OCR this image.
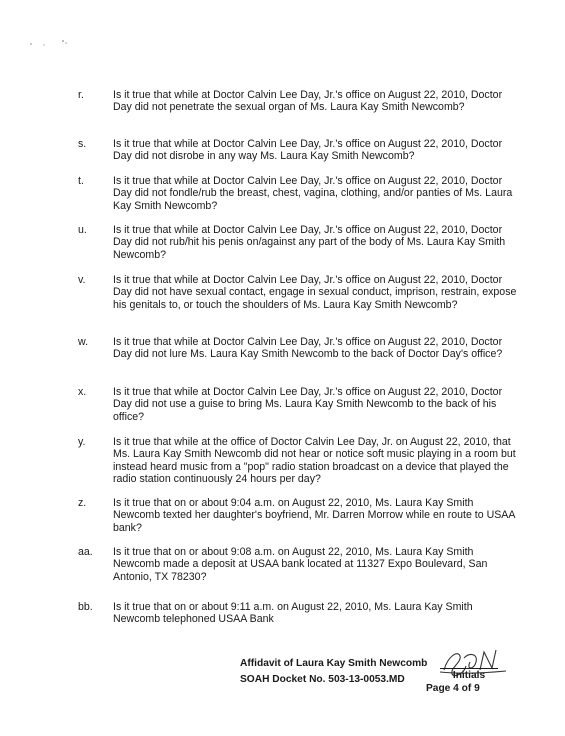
r.	Is it true that while at Doctor Calvin Lee Day, Jr.'s office on August 22, 2010, Doctor Day did not penetrate the sexual organ of Ms. Laura Kay Smith Newcomb?
s.	Is it true that while at Doctor Calvin Lee Day, Jr.'s office on August 22, 2010, Doctor Day did not disrobe in any way Ms. Laura Kay Smith Newcomb?
t.	Is it true that while at Doctor Calvin Lee Day, Jr.'s office on August 22, 2010, Doctor Day did not fondle/rub the breast, chest, vagina, clothing, and/or panties of Ms. Laura Kay Smith Newcomb?
u.	Is it true that while at Doctor Calvin Lee Day, Jr.'s office on August 22, 2010, Doctor Day did not rub/hit his penis on/against any part of the body of Ms. Laura Kay Smith Newcomb?
v.	Is it true that while at Doctor Calvin Lee Day, Jr.'s office on August 22, 2010, Doctor Day did not have sexual contact, engage in sexual conduct, imprison, restrain, expose his genitals to, or touch the shoulders of Ms. Laura Kay Smith Newcomb?
w.	Is it true that while at Doctor Calvin Lee Day, Jr.'s office on August 22, 2010, Doctor Day did not lure Ms. Laura Kay Smith Newcomb to the back of Doctor Day's office?
x.	Is it true that while at Doctor Calvin Lee Day, Jr.'s office on August 22, 2010, Doctor Day did not use a guise to bring Ms. Laura Kay Smith Newcomb to the back of his office?
y.	Is it true that while at the office of Doctor Calvin Lee Day, Jr. on August 22, 2010, that Ms. Laura Kay Smith Newcomb did not hear or notice soft music playing in a room but instead heard music from a "pop" radio station broadcast on a device that played the radio station continuously 24 hours per day?
z.	Is it true that on or about 9:04 a.m. on August 22, 2010, Ms. Laura Kay Smith Newcomb texted her daughter's boyfriend, Mr. Darren Morrow while en route to USAA bank?
aa.	Is it true that on or about 9:08 a.m. on August 22, 2010, Ms. Laura Kay Smith Newcomb made a deposit at USAA bank located at 11327 Expo Boulevard, San Antonio, TX 78230?
bb.	Is it true that on or about 9:11 a.m. on August 22, 2010, Ms. Laura Kay Smith Newcomb telephoned USAA Bank
Affidavit of Laura Kay Smith Newcomb
SOAH Docket No. 503-13-0053.MD	Initials
Page 4 of 9
